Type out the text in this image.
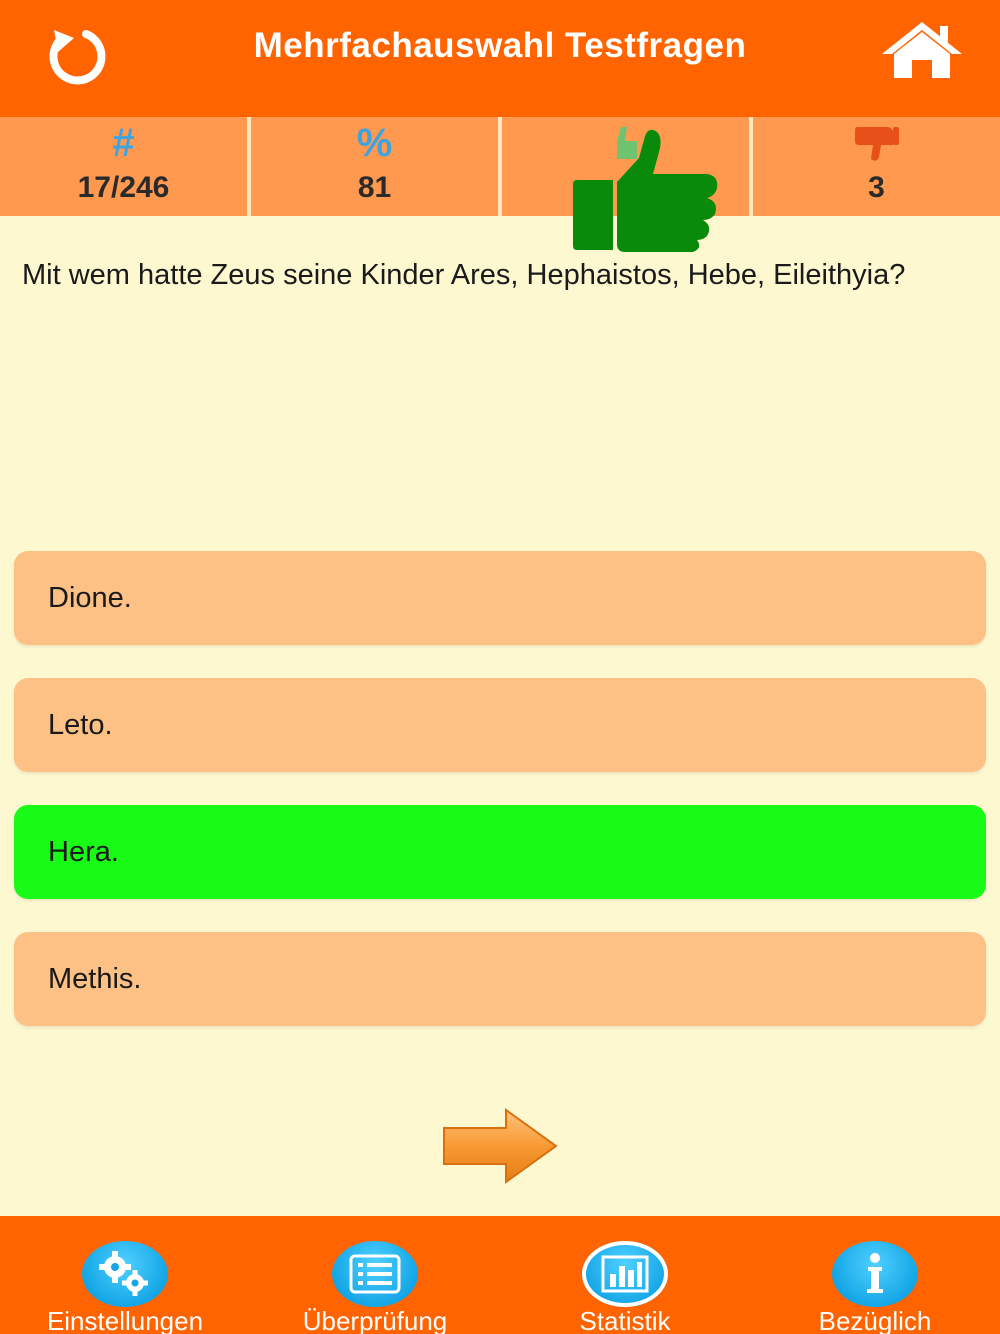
Mehrfachauswahl Testfragen
#
17/246
%
81	3
Mit wem hatte Zeus seine Kinder Ares, Hephaistos, Hebe, Eileithyia?
Dione.
Leto.
Hera.
Methis.
Einstellungen	Überprüfung	Statistik	Bezüglich
